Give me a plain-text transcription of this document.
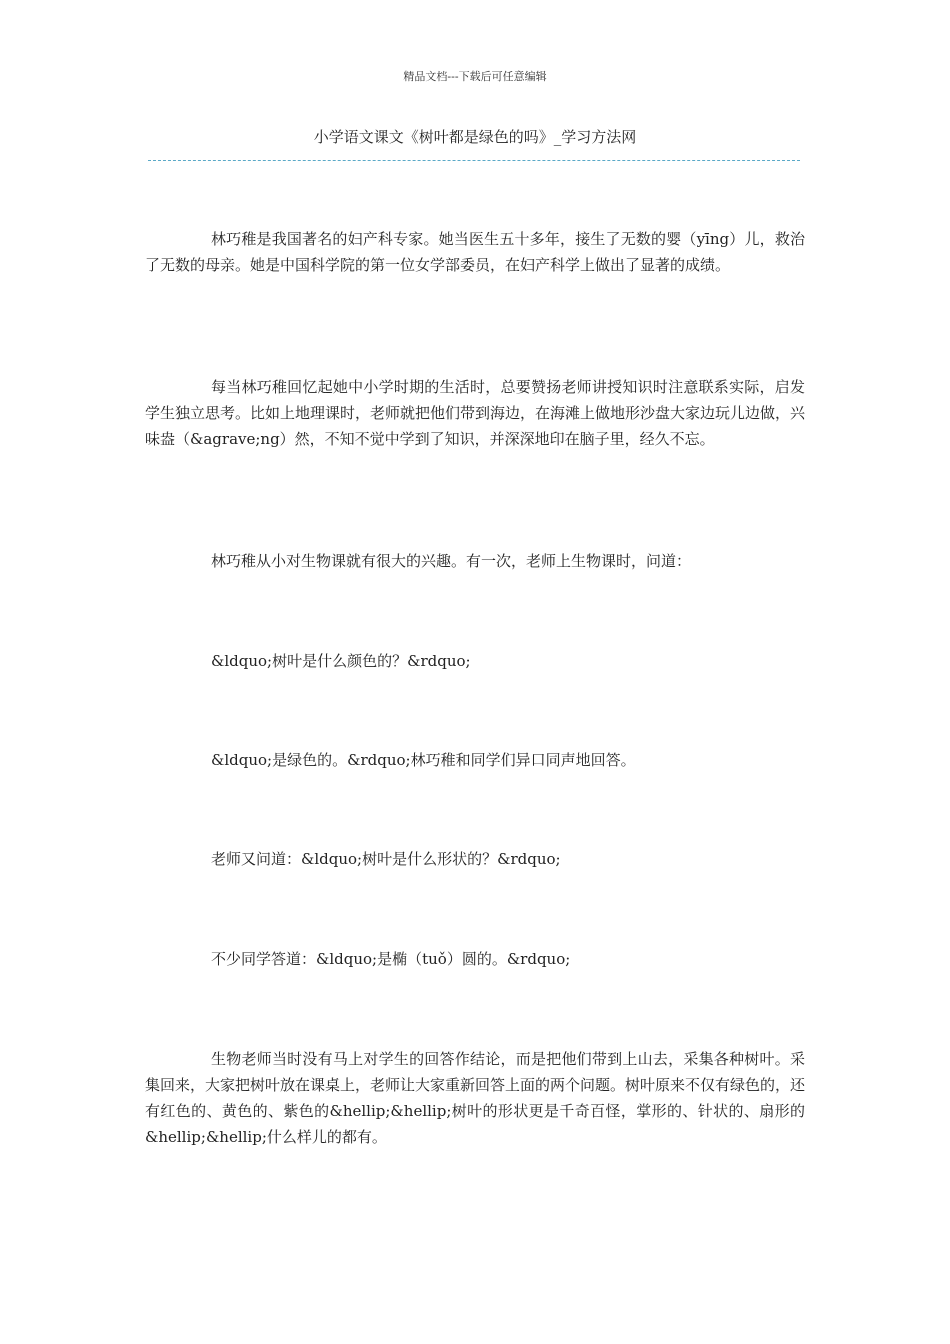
精品文档---下载后可任意编辑
小学语文课文《树叶都是绿色的吗》_学习方法网

林巧稚是我国著名的妇产科专家。她当医生五十多年，接生了无数的婴（yīng）儿，救治了无数的母亲。她是中国科学院的第一位女学部委员，在妇产科学上做出了显著的成绩。

每当林巧稚回忆起她中小学时期的生活时，总要赞扬老师讲授知识时注意联系实际，启发学生独立思考。比如上地理课时，老师就把他们带到海边，在海滩上做地形沙盘大家边玩儿边做，兴味盎（&agrave;ng）然，不知不觉中学到了知识，并深深地印在脑子里，经久不忘。

林巧稚从小对生物课就有很大的兴趣。有一次，老师上生物课时，问道：

&ldquo;树叶是什么颜色的？&rdquo;

&ldquo;是绿色的。&rdquo;林巧稚和同学们异口同声地回答。

老师又问道：&ldquo;树叶是什么形状的？&rdquo;

不少同学答道：&ldquo;是椭（tuǒ）圆的。&rdquo;

生物老师当时没有马上对学生的回答作结论，而是把他们带到上山去，采集各种树叶。采集回来，大家把树叶放在课桌上，老师让大家重新回答上面的两个问题。树叶原来不仅有绿色的，还有红色的、黄色的、紫色的&hellip;&hellip;树叶的形状更是千奇百怪，掌形的、针状的、扇形的&hellip;&hellip;什么样儿的都有。
